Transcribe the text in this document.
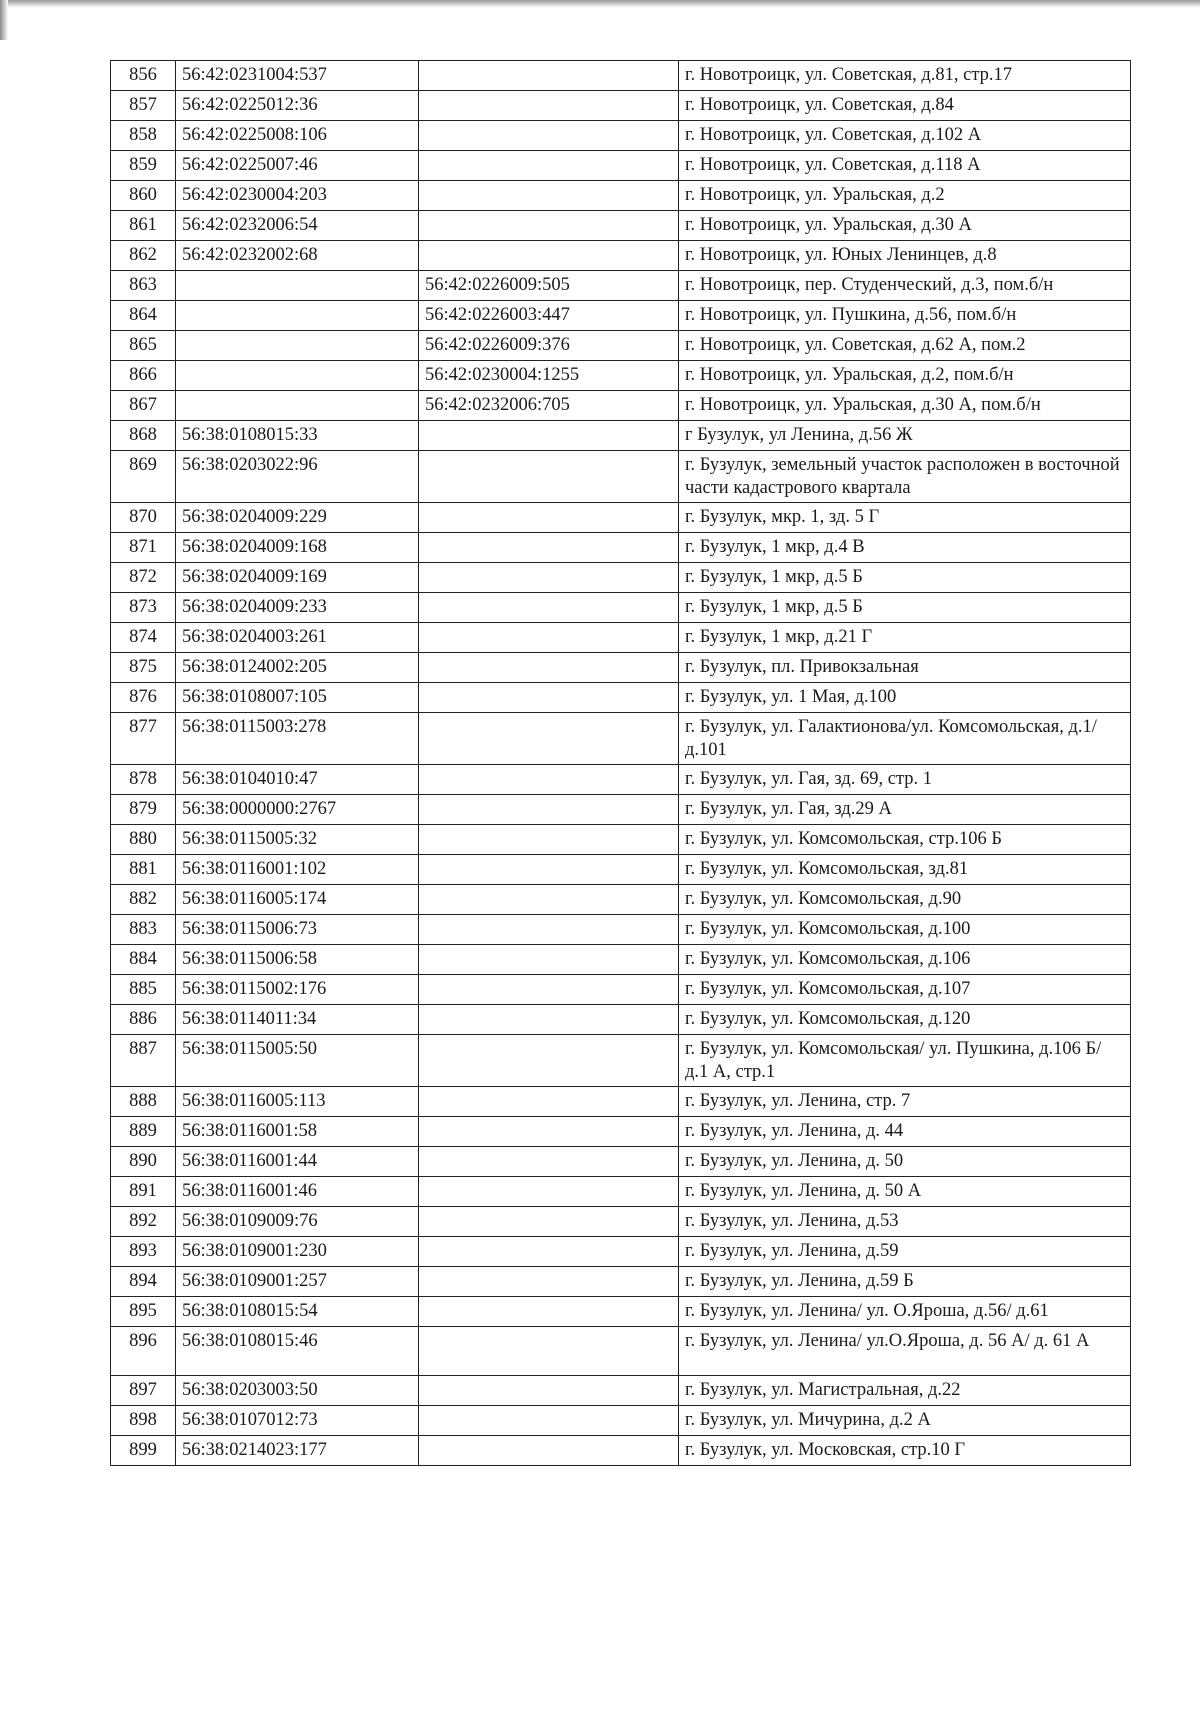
856	56:42:0231004:537		г. Новотроицк, ул. Советская, д.81, стр.17
857	56:42:0225012:36		г. Новотроицк, ул. Советская, д.84
858	56:42:0225008:106		г. Новотроицк, ул. Советская, д.102 А
859	56:42:0225007:46		г. Новотроицк, ул. Советская, д.118 А
860	56:42:0230004:203		г. Новотроицк, ул. Уральская, д.2
861	56:42:0232006:54		г. Новотроицк, ул. Уральская, д.30 А
862	56:42:0232002:68		г. Новотроицк, ул. Юных Ленинцев, д.8
863		56:42:0226009:505	г. Новотроицк, пер. Студенческий, д.3, пом.б/н
864		56:42:0226003:447	г. Новотроицк, ул. Пушкина, д.56, пом.б/н
865		56:42:0226009:376	г. Новотроицк, ул. Советская, д.62 А, пом.2
866		56:42:0230004:1255	г. Новотроицк, ул. Уральская, д.2, пом.б/н
867		56:42:0232006:705	г. Новотроицк, ул. Уральская, д.30 А, пом.б/н
868	56:38:0108015:33		г Бузулук, ул Ленина, д.56 Ж
869	56:38:0203022:96		г. Бузулук, земельный участок расположен в восточной части кадастрового квартала
870	56:38:0204009:229		г. Бузулук, мкр. 1, зд. 5 Г
871	56:38:0204009:168		г. Бузулук, 1 мкр, д.4 В
872	56:38:0204009:169		г. Бузулук, 1 мкр, д.5 Б
873	56:38:0204009:233		г. Бузулук, 1 мкр, д.5 Б
874	56:38:0204003:261		г. Бузулук, 1 мкр, д.21 Г
875	56:38:0124002:205		г. Бузулук, пл. Привокзальная
876	56:38:0108007:105		г. Бузулук, ул. 1 Мая, д.100
877	56:38:0115003:278		г. Бузулук, ул. Галактионова/ул. Комсомольская, д.1/ д.101
878	56:38:0104010:47		г. Бузулук, ул. Гая, зд. 69, стр. 1
879	56:38:0000000:2767		г. Бузулук, ул. Гая, зд.29 А
880	56:38:0115005:32		г. Бузулук, ул. Комсомольская, стр.106 Б
881	56:38:0116001:102		г. Бузулук, ул. Комсомольская, зд.81
882	56:38:0116005:174		г. Бузулук, ул. Комсомольская, д.90
883	56:38:0115006:73		г. Бузулук, ул. Комсомольская, д.100
884	56:38:0115006:58		г. Бузулук, ул. Комсомольская, д.106
885	56:38:0115002:176		г. Бузулук, ул. Комсомольская, д.107
886	56:38:0114011:34		г. Бузулук, ул. Комсомольская, д.120
887	56:38:0115005:50		г. Бузулук, ул. Комсомольская/ ул. Пушкина, д.106 Б/ д.1 А, стр.1
888	56:38:0116005:113		г. Бузулук, ул. Ленина, стр. 7
889	56:38:0116001:58		г. Бузулук, ул. Ленина, д. 44
890	56:38:0116001:44		г. Бузулук, ул. Ленина, д. 50
891	56:38:0116001:46		г. Бузулук, ул. Ленина, д. 50 А
892	56:38:0109009:76		г. Бузулук, ул. Ленина, д.53
893	56:38:0109001:230		г. Бузулук, ул. Ленина, д.59
894	56:38:0109001:257		г. Бузулук, ул. Ленина, д.59 Б
895	56:38:0108015:54		г. Бузулук, ул. Ленина/ ул. О.Яроша, д.56/ д.61
896	56:38:0108015:46		г. Бузулук, ул. Ленина/ ул.О.Яроша, д. 56 А/ д. 61 А
897	56:38:0203003:50		г. Бузулук, ул. Магистральная, д.22
898	56:38:0107012:73		г. Бузулук, ул. Мичурина, д.2 А
899	56:38:0214023:177		г. Бузулук, ул. Московская, стр.10 Г
